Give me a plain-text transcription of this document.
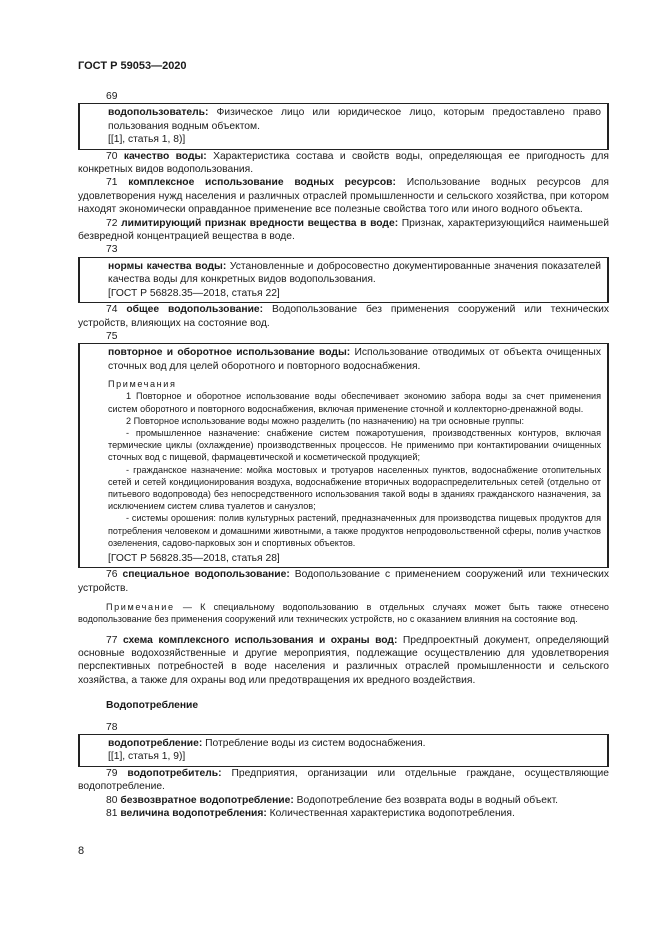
ГОСТ Р 59053—2020

69

водопользователь: Физическое лицо или юридическое лицо, которым предоставлено право пользования водным объектом.

[[1], статья 1, 8)]

70 качество воды: Характеристика состава и свойств воды, определяющая ее пригодность для конкретных видов водопользования.

71 комплексное использование водных ресурсов: Использование водных ресурсов для удовлетворения нужд населения и различных отраслей промышленности и сельского хозяйства, при котором находят экономически оправданное применение все полезные свойства того или иного водного объекта.

72 лимитирующий признак вредности вещества в воде: Признак, характеризующийся наименьшей безвредной концентрацией вещества в воде.

73

нормы качества воды: Установленные и добросовестно документированные значения показателей качества воды для конкретных видов водопользования.

[ГОСТ Р 56828.35—2018, статья 22]

74 общее водопользование: Водопользование без применения сооружений или технических устройств, влияющих на состояние вод.

75

повторное и оборотное использование воды: Использование отводимых от объекта очищенных сточных вод для целей оборотного и повторного водоснабжения.

Примечания

1 Повторное и оборотное использование воды обеспечивает экономию забора воды за счет применения систем оборотного и повторного водоснабжения, включая применение сточной и коллекторно-дренажной воды.

2 Повторное использование воды можно разделить (по назначению) на три основные группы:

- промышленное назначение: снабжение систем пожаротушения, производственных контуров, включая термические циклы (охлаждение) производственных процессов. Не применимо при контактировании очищенных сточных вод с пищевой, фармацевтической и косметической продукцией;

- гражданское назначение: мойка мостовых и тротуаров населенных пунктов, водоснабжение отопительных сетей и сетей кондиционирования воздуха, водоснабжение вторичных водораспределительных сетей (отдельно от питьевого водопровода) без непосредственного использования такой воды в зданиях гражданского назначения, за исключением систем слива туалетов и санузлов;

- системы орошения: полив культурных растений, предназначенных для производства пищевых продуктов для потребления человеком и домашними животными, а также продуктов непродовольственной сферы, полив участков озеленения, садово-парковых зон и спортивных объектов.

[ГОСТ Р 56828.35—2018, статья 28]

76 специальное водопользование: Водопользование с применением сооружений или технических устройств.

Примечание — К специальному водопользованию в отдельных случаях может быть также отнесено водопользование без применения сооружений или технических устройств, но с оказанием влияния на состояние вод.

77 схема комплексного использования и охраны вод: Предпроектный документ, определяющий основные водохозяйственные и другие мероприятия, подлежащие осуществлению для удовлетворения перспективных потребностей в воде населения и различных отраслей промышленности и сельского хозяйства, а также для охраны вод или предотвращения их вредного воздействия.

Водопотребление

78

водопотребление: Потребление воды из систем водоснабжения.

[[1], статья 1, 9)]

79 водопотребитель: Предприятия, организации или отдельные граждане, осуществляющие водопотребление.

80 безвозвратное водопотребление: Водопотребление без возврата воды в водный объект.

81 величина водопотребления: Количественная характеристика водопотребления.

8
